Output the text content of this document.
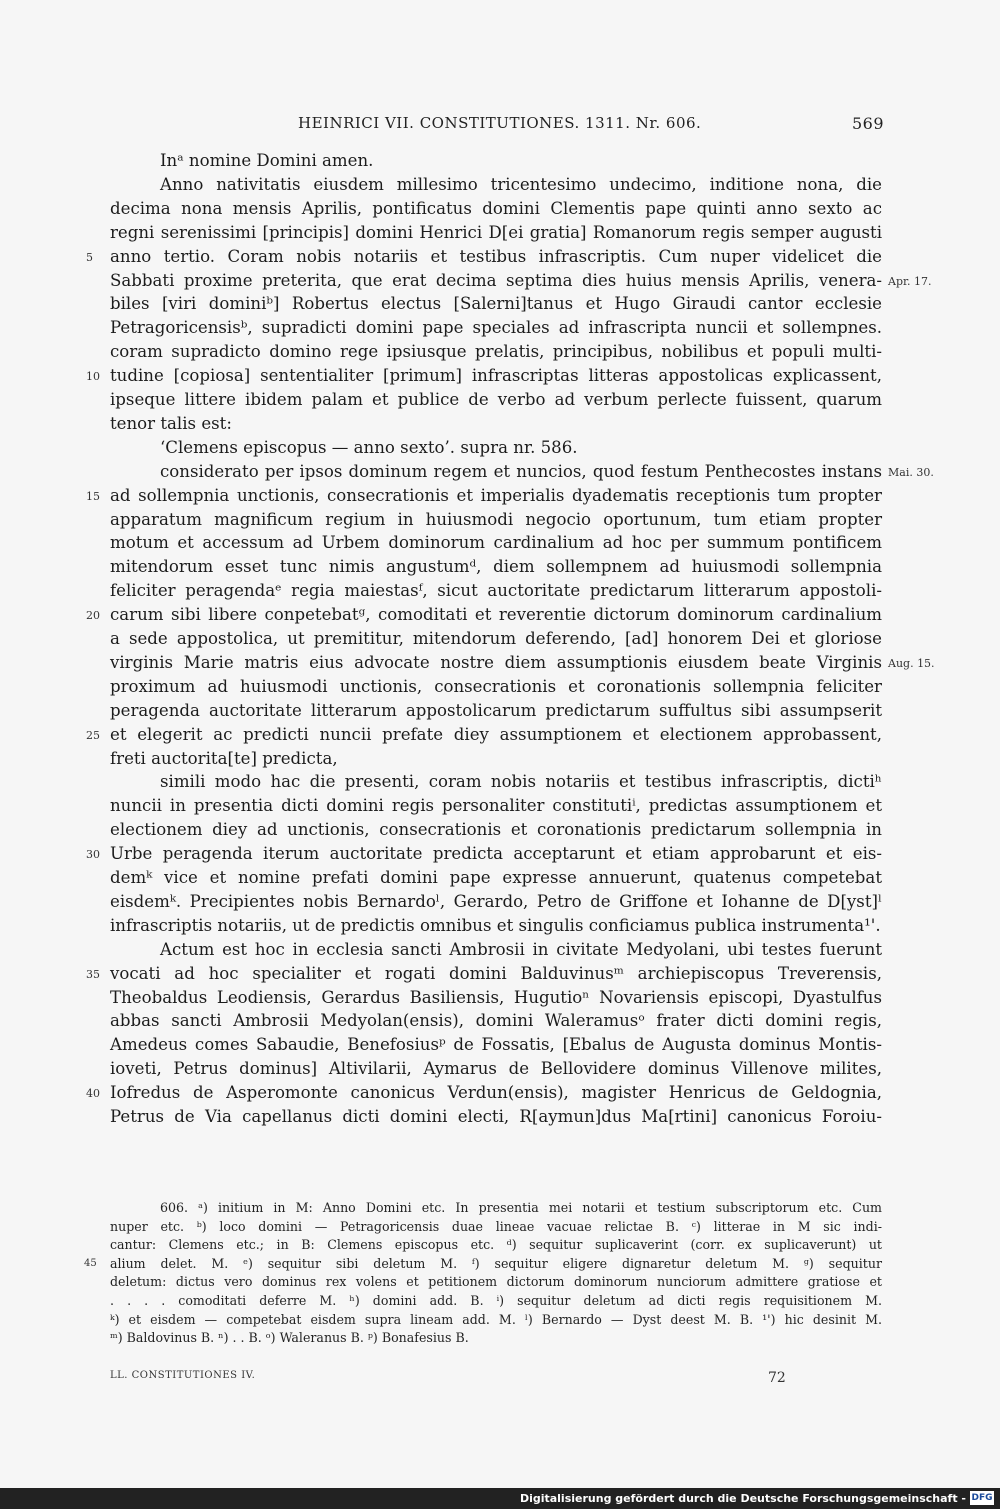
HEINRICI VII. CONSTITUTIONES. 1311. Nr. 606.	569
Inᵃ nomine Domini amen.
Anno nativitatis eiusdem millesimo tricentesimo undecimo, inditione nona, die
decima nona mensis Aprilis, pontificatus domini Clementis pape quinti anno sexto ac
regni serenissimi [principis] domini Henrici D[ei gratia] Romanorum regis semper augusti
anno tertio. Coram nobis notariis et testibus infrascriptis. Cum nuper videlicet die
5
Sabbati proxime preterita, que erat decima septima dies huius mensis Aprilis, venera- Apr. 17.
biles [viri dominiᵇ] Robertus electus [Salerni]tanus et Hugo Giraudi cantor ecclesie
Petragoricensisᵇ, supradicti domini pape speciales ad infrascripta nuncii et sollempnes.
coram supradicto domino rege ipsiusque prelatis, principibus, nobilibus et populi multi-
tudine [copiosa] sententialiter [primum] infrascriptas litteras appostolicas explicassent,
10
ipseque littere ibidem palam et publice de verbo ad verbum perlecte fuissent, quarum
tenor talis est:
‘Clemens episcopus — anno sexto’. supra nr. 586.
considerato per ipsos dominum regem et nuncios, quod festum Penthecostes instans Mai. 30.
ad sollempnia unctionis, consecrationis et imperialis dyadematis receptionis tum propter
15
apparatum magnificum regium in huiusmodi negocio oportunum, tum etiam propter
motum et accessum ad Urbem dominorum cardinalium ad hoc per summum pontificem
mitendorum esset tunc nimis angustumᵈ, diem sollempnem ad huiusmodi sollempnia
feliciter peragendaᵉ regia maiestasᶠ, sicut auctoritate predictarum litterarum appostoli-
carum sibi libere conpetebatᵍ, comoditati et reverentie dictorum dominorum cardinalium
20
a sede appostolica, ut premititur, mitendorum deferendo, [ad] honorem Dei et gloriose
virginis Marie matris eius advocate nostre diem assumptionis eiusdem beate Virginis Aug. 15.
proximum ad huiusmodi unctionis, consecrationis et coronationis sollempnia feliciter
peragenda auctoritate litterarum appostolicarum predictarum suffultus sibi assumpserit
et elegerit ac predicti nuncii prefate diey assumptionem et electionem approbassent,
25
freti auctorita[te] predicta,
simili modo hac die presenti, coram nobis notariis et testibus infrascriptis, dictiʰ
nuncii in presentia dicti domini regis personaliter constitutiⁱ, predictas assumptionem et
electionem diey ad unctionis, consecrationis et coronationis predictarum sollempnia in
Urbe peragenda iterum auctoritate predicta acceptarunt et etiam approbarunt et eis-
30
demᵏ vice et nomine prefati domini pape expresse annuerunt, quatenus competebat
eisdemᵏ. Precipientes nobis Bernardoˡ, Gerardo, Petro de Griffone et Iohanne de D[yst]ˡ
infrascriptis notariis, ut de predictis omnibus et singulis conficiamus publica instrumenta¹'.
Actum est hoc in ecclesia sancti Ambrosii in civitate Medyolani, ubi testes fuerunt
vocati ad hoc specialiter et rogati domini Balduvinusᵐ archiepiscopus Treverensis,
35
Theobaldus Leodiensis, Gerardus Basiliensis, Hugutioⁿ Novariensis episcopi, Dyastulfus
abbas sancti Ambrosii Medyolan(ensis), domini Waleramusᵒ frater dicti domini regis,
Amedeus comes Sabaudie, Benefosiusᵖ de Fossatis, [Ebalus de Augusta dominus Montis-
ioveti, Petrus dominus] Altivilarii, Aymarus de Bellovidere dominus Villenove milites,
Iofredus de Asperomonte canonicus Verdun(ensis), magister Henricus de Geldognia,
40
Petrus de Via capellanus dicti domini electi, R[aymun]dus Ma[rtini] canonicus Foroiu-
606. ᵃ) initium in M: Anno Domini etc. In presentia mei notarii et testium subscriptorum etc. Cum
nuper etc. ᵇ) loco domini — Petragoricensis duae lineae vacuae relictae B. ᶜ) litterae in M sic indi-
cantur: Clemens etc.; in B: Clemens episcopus etc. ᵈ) sequitur suplicaverint (corr. ex suplicaverunt) ut
alium delet. M. ᵉ) sequitur sibi deletum M. ᶠ) sequitur eligere dignaretur deletum M. ᵍ) sequitur
45
deletum: dictus vero dominus rex volens et petitionem dictorum dominorum nunciorum admittere gratiose et
. . . . comoditati deferre M. ʰ) domini add. B. ⁱ) sequitur deletum ad dicti regis requisitionem M.
ᵏ) et eisdem — competebat eisdem supra lineam add. M. ˡ) Bernardo — Dyst deest M. B. ¹') hic desinit M.
ᵐ) Baldovinus B. ⁿ) . . B. ᵒ) Waleranus B. ᵖ) Bonafesius B.
LL. CONSTITUTIONES IV.	72
Digitalisierung gefördert durch die Deutsche Forschungsgemeinschaft - DFG
